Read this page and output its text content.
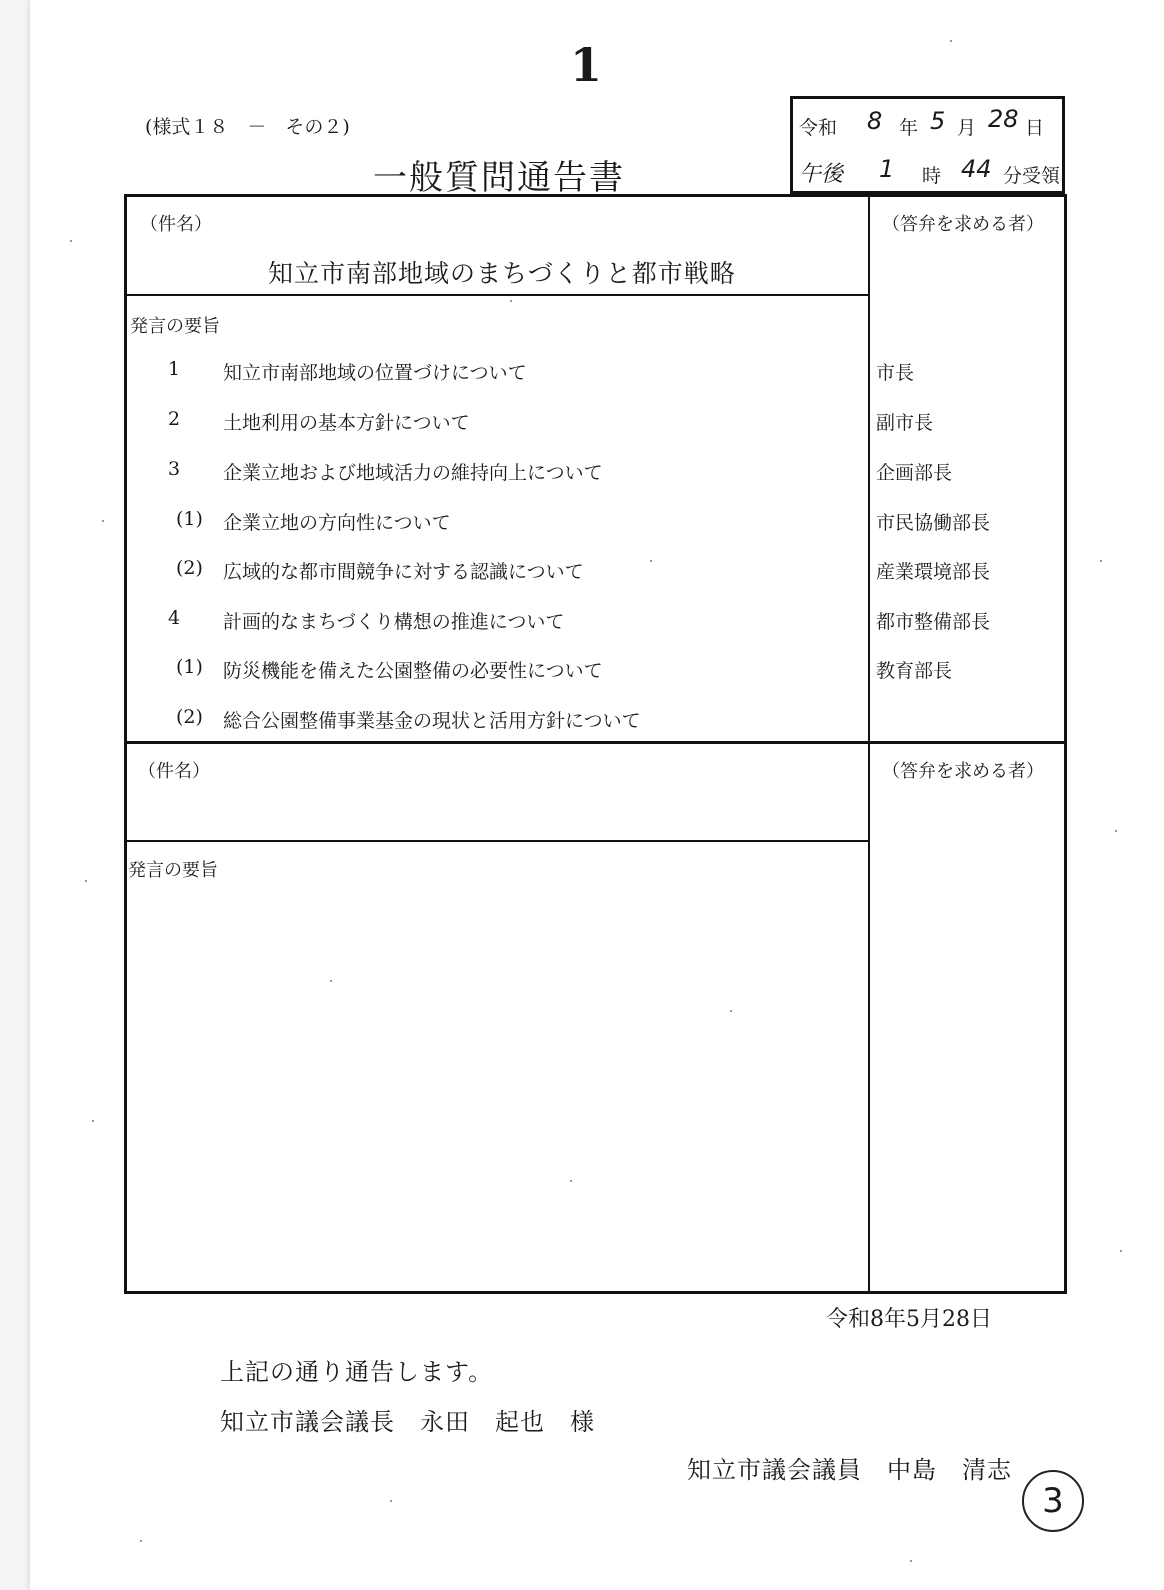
1
(様式１８　－　その２)
一般質問通告書
令和 8 年 5 月 28 日
午後 1 時 44 分受領
（件名）	（答弁を求める者）
知立市南部地域のまちづくりと都市戦略
発言の要旨
1 知立市南部地域の位置づけについて
2 土地利用の基本方針について
3 企業立地および地域活力の維持向上について
(1) 企業立地の方向性について
(2) 広域的な都市間競争に対する認識について
4 計画的なまちづくり構想の推進について
(1) 防災機能を備えた公園整備の必要性について
(2) 総合公園整備事業基金の現状と活用方針について
市長
副市長
企画部長
市民協働部長
産業環境部長
都市整備部長
教育部長
（件名）	（答弁を求める者）
発言の要旨
令和8年5月28日
上記の通り通告します。
知立市議会議長　永田　起也　様
知立市議会議員　中島　清志
3
